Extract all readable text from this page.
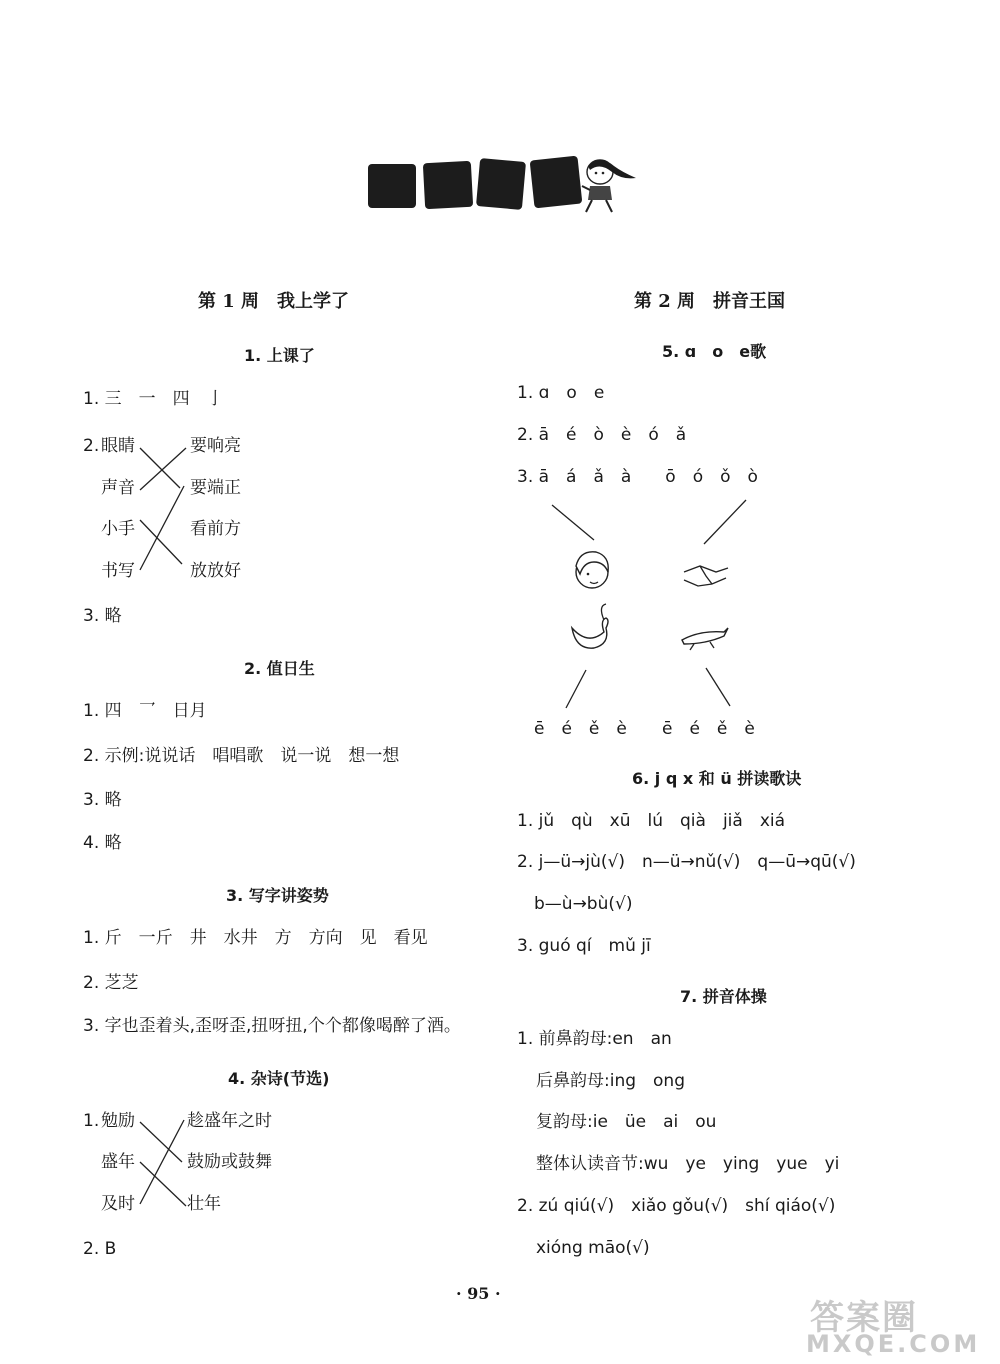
第 1 周　我上学了
1. 上课了
1. 三　一　四　亅
2. 眼睛
声音
小手
书写
要响亮
要端正
看前方
放放好
3. 略
2. 值日生
1. 四　乛　日月
2. 示例:说说话　唱唱歌　说一说　想一想
3. 略
4. 略
3. 写字讲姿势
1. 斤　一斤　井　水井　方　方向　见　看见
2. 芝芝
3. 字也歪着头,歪呀歪,扭呀扭,个个都像喝醉了酒。
4. 杂诗(节选)
1. 勉励
盛年
及时
趁盛年之时
鼓励或鼓舞
壮年
2. B
第 2 周　拼音王国
5. ɑ　o　e歌
1. ɑ　o　e
2. ā　é　ò　è　ó　ǎ
3. ā　á　ǎ　à　　ō　ó　ǒ　ò
ē　é　ě　è ē　é　ě　è
6. j q x 和 ü 拼读歌诀
1. jǔ　qù　xū　lú　qià　jiǎ　xiá
2. j—ü→jù(√)　n—ü→nǔ(√)　q—ū→qū(√)
b—ù→bù(√)
3. guó qí　mǔ jī
7. 拼音体操
1. 前鼻韵母:en　an
后鼻韵母:ing　ong
复韵母:ie　üe　ai　ou
整体认读音节:wu　ye　ying　yue　yi
2. zú qiú(√)　xiǎo gǒu(√)　shí qiáo(√)
xióng māo(√)
· 95 ·
答案圈
MXQE.COM
